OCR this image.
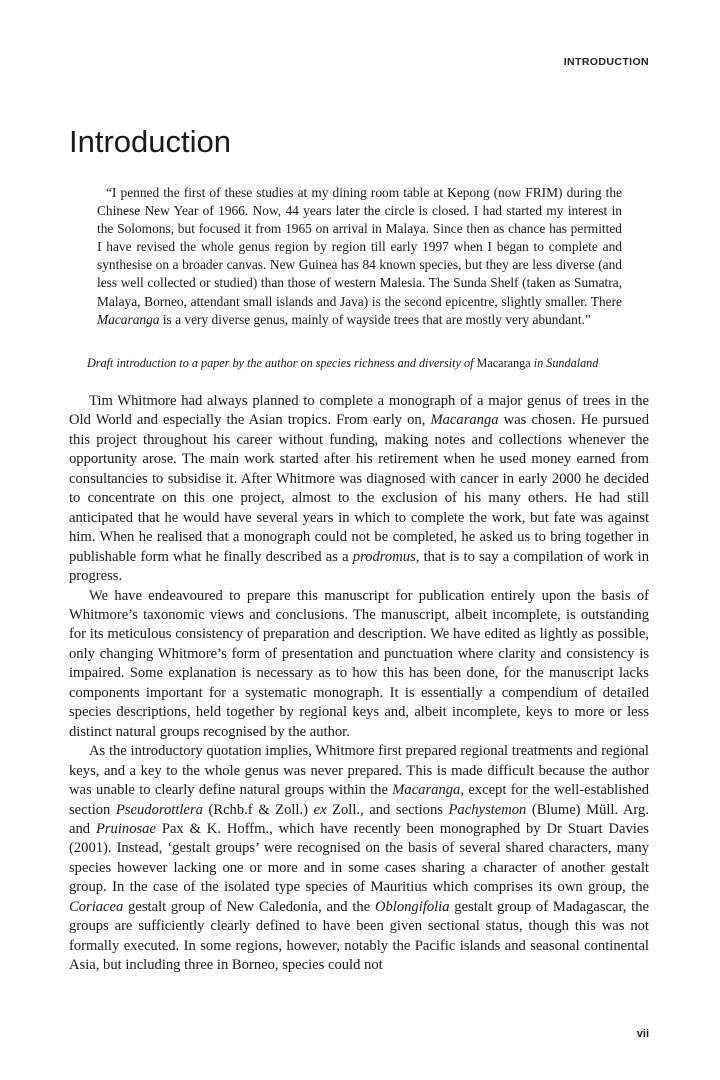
INTRODUCTION
Introduction

“I penned the first of these studies at my dining room table at Kepong (now FRIM) during the Chinese New Year of 1966. Now, 44 years later the circle is closed. I had started my interest in the Solomons, but focused it from 1965 on arrival in Malaya. Since then as chance has permitted I have revised the whole genus region by region till early 1997 when I began to complete and synthesise on a broader canvas. New Guinea has 84 known species, but they are less diverse (and less well collected or studied) than those of western Malesia. The Sunda Shelf (taken as Sumatra, Malaya, Borneo, attendant small islands and Java) is the second epicentre, slightly smaller. There Macaranga is a very diverse genus, mainly of wayside trees that are mostly very abundant.”

Draft introduction to a paper by the author on species richness and diversity of Macaranga in Sundaland

Tim Whitmore had always planned to complete a monograph of a major genus of trees in the Old World and especially the Asian tropics. From early on, Macaranga was chosen. He pursued this project throughout his career without funding, making notes and collections whenever the opportunity arose. The main work started after his retirement when he used money earned from consultancies to subsidise it. After Whitmore was diagnosed with cancer in early 2000 he decided to concentrate on this one project, almost to the exclusion of his many others. He had still anticipated that he would have several years in which to complete the work, but fate was against him. When he realised that a monograph could not be completed, he asked us to bring together in publishable form what he finally described as a prodromus, that is to say a compilation of work in progress.

We have endeavoured to prepare this manuscript for publication entirely upon the basis of Whitmore’s taxonomic views and conclusions. The manuscript, albeit incomplete, is outstanding for its meticulous consistency of preparation and description. We have edited as lightly as possible, only changing Whitmore’s form of presentation and punctuation where clarity and consistency is impaired. Some explanation is necessary as to how this has been done, for the manuscript lacks components important for a systematic monograph. It is essentially a compendium of detailed species descriptions, held together by regional keys and, albeit incomplete, keys to more or less distinct natural groups recognised by the author.

As the introductory quotation implies, Whitmore first prepared regional treatments and regional keys, and a key to the whole genus was never prepared. This is made difficult because the author was unable to clearly define natural groups within the Macaranga, except for the well-established section Pseudorottlera (Rchb.f & Zoll.) ex Zoll., and sections Pachystemon (Blume) Müll. Arg. and Pruinosae Pax & K. Hoffm., which have recently been monographed by Dr Stuart Davies (2001). Instead, ‘gestalt groups’ were recognised on the basis of several shared characters, many species however lacking one or more and in some cases sharing a character of another gestalt group. In the case of the isolated type species of Mauritius which comprises its own group, the Coriacea gestalt group of New Caledonia, and the Oblongifolia gestalt group of Madagascar, the groups are sufficiently clearly defined to have been given sectional status, though this was not formally executed. In some regions, however, notably the Pacific islands and seasonal continental Asia, but including three in Borneo, species could not

vii
